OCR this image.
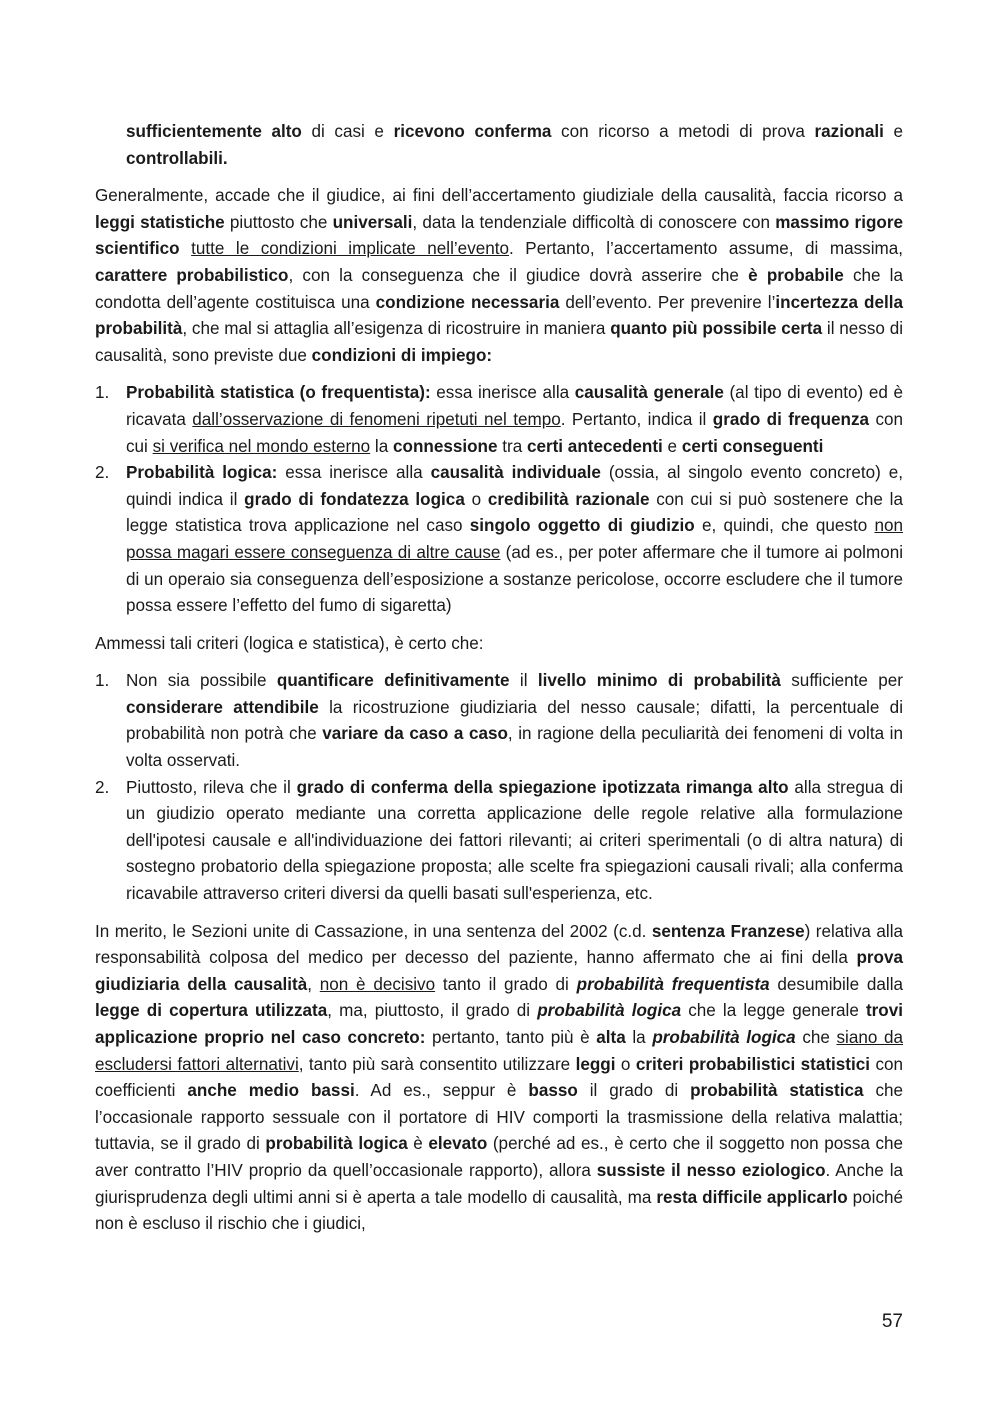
sufficientemente alto di casi e ricevono conferma con ricorso a metodi di prova razionali e controllabili.

Generalmente, accade che il giudice, ai fini dell’accertamento giudiziale della causalità, faccia ricorso a leggi statistiche piuttosto che universali, data la tendenziale difficoltà di conoscere con massimo rigore scientifico tutte le condizioni implicate nell’evento. Pertanto, l’accertamento assume, di massima, carattere probabilistico, con la conseguenza che il giudice dovrà asserire che è probabile che la condotta dell’agente costituisca una condizione necessaria dell’evento. Per prevenire l’incertezza della probabilità, che mal si attaglia all’esigenza di ricostruire in maniera quanto più possibile certa il nesso di causalità, sono previste due condizioni di impiego:

1. Probabilità statistica (o frequentista): essa inerisce alla causalità generale (al tipo di evento) ed è ricavata dall’osservazione di fenomeni ripetuti nel tempo. Pertanto, indica il grado di frequenza con cui si verifica nel mondo esterno la connessione tra certi antecedenti e certi conseguenti
2. Probabilità logica: essa inerisce alla causalità individuale (ossia, al singolo evento concreto) e, quindi indica il grado di fondatezza logica o credibilità razionale con cui si può sostenere che la legge statistica trova applicazione nel caso singolo oggetto di giudizio e, quindi, che questo non possa magari essere conseguenza di altre cause (ad es., per poter affermare che il tumore ai polmoni di un operaio sia conseguenza dell’esposizione a sostanze pericolose, occorre escludere che il tumore possa essere l’effetto del fumo di sigaretta)

Ammessi tali criteri (logica e statistica), è certo che:

1. Non sia possibile quantificare definitivamente il livello minimo di probabilità sufficiente per considerare attendibile la ricostruzione giudiziaria del nesso causale; difatti, la percentuale di probabilità non potrà che variare da caso a caso, in ragione della peculiarità dei fenomeni di volta in volta osservati.
2. Piuttosto, rileva che il grado di conferma della spiegazione ipotizzata rimanga alto alla stregua di un giudizio operato mediante una corretta applicazione delle regole relative alla formulazione dell'ipotesi causale e all'individuazione dei fattori rilevanti; ai criteri sperimentali (o di altra natura) di sostegno probatorio della spiegazione proposta; alle scelte fra spiegazioni causali rivali; alla conferma ricavabile attraverso criteri diversi da quelli basati sull'esperienza, etc.

In merito, le Sezioni unite di Cassazione, in una sentenza del 2002 (c.d. sentenza Franzese) relativa alla responsabilità colposa del medico per decesso del paziente, hanno affermato che ai fini della prova giudiziaria della causalità, non è decisivo tanto il grado di probabilità frequentista desumibile dalla legge di copertura utilizzata, ma, piuttosto, il grado di probabilità logica che la legge generale trovi applicazione proprio nel caso concreto: pertanto, tanto più è alta la probabilità logica che siano da escludersi fattori alternativi, tanto più sarà consentito utilizzare leggi o criteri probabilistici statistici con coefficienti anche medio bassi. Ad es., seppur è basso il grado di probabilità statistica che l’occasionale rapporto sessuale con il portatore di HIV comporti la trasmissione della relativa malattia; tuttavia, se il grado di probabilità logica è elevato (perché ad es., è certo che il soggetto non possa che aver contratto l’HIV proprio da quell’occasionale rapporto), allora sussiste il nesso eziologico. Anche la giurisprudenza degli ultimi anni si è aperta a tale modello di causalità, ma resta difficile applicarlo poiché non è escluso il rischio che i giudici,

57
